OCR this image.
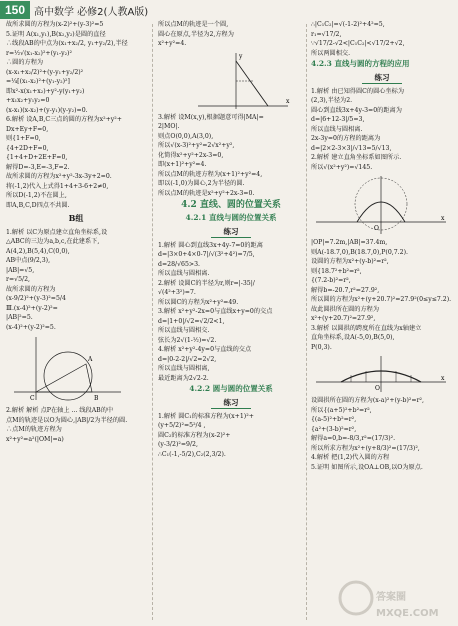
150 高中数学 必修2(人教A版)
故所求圆的方程为(x-2)²+(y-3)²=5
5.证明 A(x₁,y₁),B(x₂,y₂)是圆的直径
∴线段AB的中点为(x₁+x₂/2, y₁+y₂/2),半径
r=½√(x₁-x₂)²+(y₁-y₂)²
∴圆的方程为
(x-x₁+x₂/2)²+(y-y₁+y₂/2)²
=¼[(x₁-x₂)²+(y₁-y₂)²]
即x²-x(x₁+x₂)+y²-y(y₁+y₂)
+x₁x₂+y₁y₂=0
(x-x₁)(x-x₂)+(y-y₁)(y-y₂)=0.
6.解析 设A,B,C三点的圆的方程为x²+y²+
Dx+Ey+F=0,
则{1+F=0,
{4+2D+F=0,
{1+4+D+2E+F=0,
解得D=-3,E=-3,F=2.
故所求圆的方程为x²+y²-3x-3y+2=0.
将(-1,2)代入上式得1+4+3-6+2≠0,
所以D(-1,2)不在圆上,
即A,B,C,D四点不共圆.
B组
1.解析 以C为原点建立直角坐标系,设
△ABC的三边为a,b,c,在此建系下,
A(4,2),B(5,4),C(0,0),
AB中点(9/2,3),
|AB|=√5,
r=√5/2,
故所求圆的方程为
(x-9/2)²+(y-3)²=5/4
Ⅲ.(x-4)²+(y-2)²=
|AB|²=5.
(x-4)²+(y-2)²=5.
C
A
B
2.解析 解析 点P在轴上 ... 线段AB的中
点M的轨迹是以O为圆心,|AB|/2为半径的圆.
∴点M的轨迹方程为
x²+y²=a²(|OM|=a)
所以点M的轨迹是一个圆,
圆心在原点,半径为2,方程为
x²+y²=4.
x
y
3.解析 设M(x,y),根据题意可得|MA|=
2|MO|.
则点O(0,0),A(3,0),
所以√(x-3)²+y²=2√x²+y²,
化简得x²+y²+2x-3=0,
即(x+1)²+y²=4.
所以点M的轨迹方程为(x+1)²+y²=4,
即以(-1,0)为圆心,2为半径的圆.
所以点M的轨迹是x²+y²+2x-3=0.
4.2 直线、圆的位置关系
4.2.1 直线与圆的位置关系
练习
1.解析 圆心到直线3x+4y-7=0的距离
d=|3×0+4×0-7|/√(3²+4²)=7/5,
d=28/√65>3.
所以直线与圆相离.
2.解析 设圆C的半径为r,则r=|-35|/
√(4²+3²)=7.
所以圆C的方程为x²+y²=49.
3.解析 x²+y²-2x=0与直线x+y=0的交点
d=|1+0|/√2=√2/2<1,
所以直线与圆相交.
弦长为2√(1-½)=√2.
4.解析 x²+y²-4y=0与直线的交点
d=|0-2-2|/√2=2√2,
所以直线与圆相离,
最近距离为2√2-2.
4.2.2 圆与圆的位置关系
练习
1.解析 圆C₁的标准方程为(x+1)²+
(y+5/2)²=5²/4 ,
圆C₂的标准方程为(x-2)²+
(y-3/2)²=9/2,
∴C₁(-1,-5/2),C₂(2,3/2).
∴|C₁C₂|=√(-1-2)²+4²=5,
r₁=√17/2,
∵√17/2-√2<|C₁C₂|<√17/2+√2,
所以两圆相交.
4.2.3 直线与圆的方程的应用
练习
1.解析 由已知得圆C的圆心坐标为
(2,3),半径为2.
圆心到直线3x+4y-3=0的距离为
d=|6+12-3|/5=3,
所以直线与圆相离.
2x-3y=0的方程的距离为
d=|2×2-3×3|/√13=5/√13,
2.解析 建立直角坐标系如图所示.
所以√(x²+y²)=√145.
O
x
|OP|=7.2m,|AB|=37.4m,
则A(-18.7,0),B(18.7,0),P(0,7.2).
设圆的方程为x²+(y-b)²=r²,
则{18.7²+b²=r²,
{(7.2-b)²=r²,
解得b=-20.7,r²=27.9²,
所以圆的方程为x²+(y+20.7)²=27.9²(0≤y≤7.2).
故此圆拱所在圆的方程为
x²+(y+20.7)²=27.9²,
3.解析 以圆拱的跨度所在直线为x轴建立
直角坐标系,设A(-5,0),B(5,0),
P(0,3).
O
x
设圆拱所在圆的方程为(x-a)²+(y-b)²=r²,
所以{(a+5)²+b²=r²,
{(a-5)²+b²=r²,
{a²+(3-b)²=r²,
解得a=0,b=-8/3,r²=(17/3)².
所以所求方程为x²+(y+8/3)²=(17/3)²,
4.解析 把(1,2)代入圆的方程
5.证明 如图所示,设OA⊥OB,以O为原点.
答案圈
MXQE.COM
